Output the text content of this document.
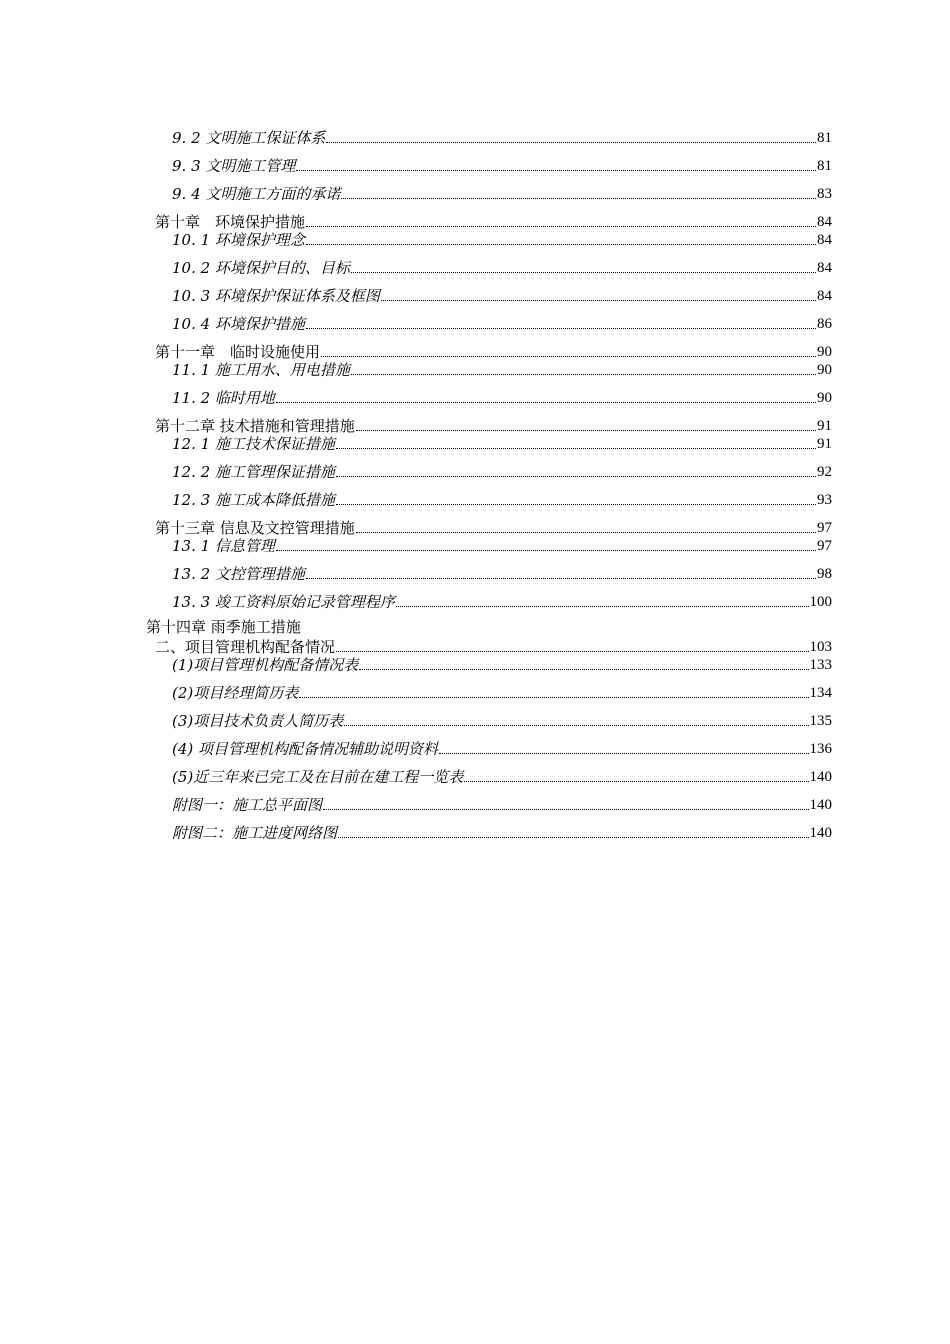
9. 2 文明施工保证体系	81
9. 3 文明施工管理	81
9. 4 文明施工方面的承诺	83
第十章　环境保护措施	84
10. 1 环境保护理念	84
10. 2 环境保护目的、目标	84
10. 3 环境保护保证体系及框图	84
10. 4 环境保护措施	86
第十一章　临时设施使用	90
11. 1 施工用水、用电措施	90
11. 2 临时用地	90
第十二章 技术措施和管理措施	91
12. 1 施工技术保证措施	91
12. 2 施工管理保证措施	92
12. 3 施工成本降低措施	93
第十三章 信息及文控管理措施	97
13. 1 信息管理	97
13. 2 文控管理措施	98
13. 3 竣工资料原始记录管理程序	100
第十四章 雨季施工措施
二、项目管理机构配备情况	103
(1)项目管理机构配备情况表	133
(2)项目经理简历表	134
(3)项目技术负责人简历表	135
(4) 项目管理机构配备情况辅助说明资料	136
(5)近三年来已完工及在目前在建工程一览表	140
附图一：施工总平面图	140
附图二：施工进度网络图	140
